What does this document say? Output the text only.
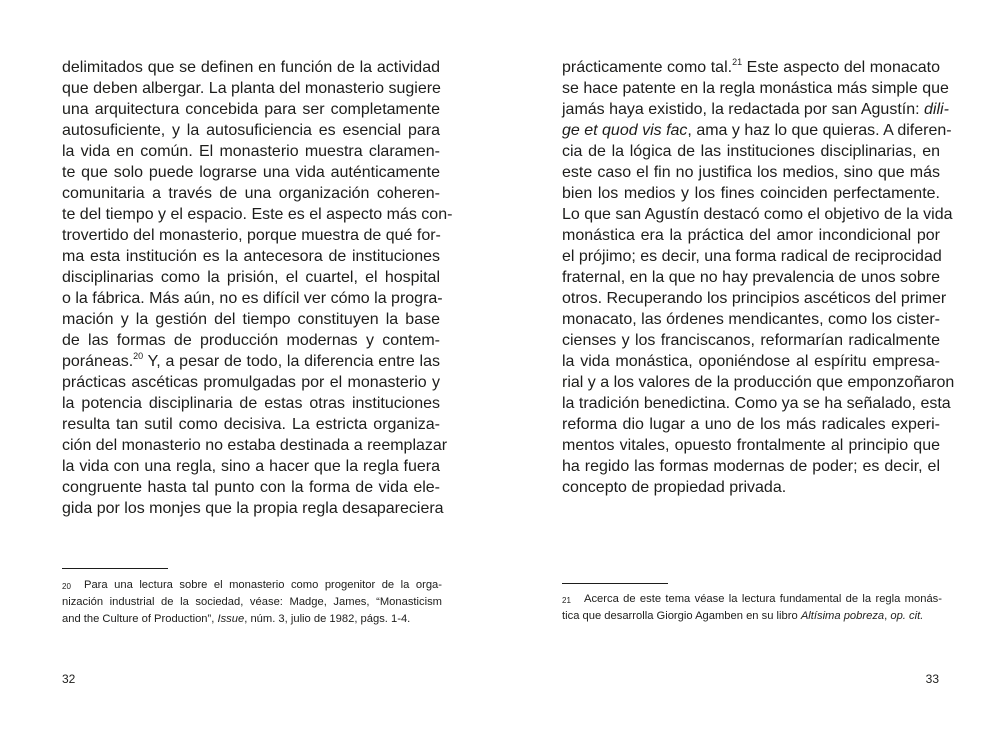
delimitados que se definen en función de la actividad
que deben albergar. La planta del monasterio sugiere
una arquitectura concebida para ser completamente
autosuficiente, y la autosuficiencia es esencial para
la vida en común. El monasterio muestra claramen-
te que solo puede lograrse una vida auténticamente
comunitaria a través de una organización coheren-
te del tiempo y el espacio. Este es el aspecto más con-
trovertido del monasterio, porque muestra de qué for-
ma esta institución es la antecesora de instituciones
disciplinarias como la prisión, el cuartel, el hospital
o la fábrica. Más aún, no es difícil ver cómo la progra-
mación y la gestión del tiempo constituyen la base
de las formas de producción modernas y contem-
poráneas.$^{20}$ Y, a pesar de todo, la diferencia entre las
prácticas ascéticas promulgadas por el monasterio y
la potencia disciplinaria de estas otras instituciones
resulta tan sutil como decisiva. La estricta organiza-
ción del monasterio no estaba destinada a reemplazar
la vida con una regla, sino a hacer que la regla fuera
congruente hasta tal punto con la forma de vida ele-
gida por los monjes que la propia regla desapareciera
20 Para una lectura sobre el monasterio como progenitor de la orga-
nización industrial de la sociedad, véase: Madge, James, “Monasticism
and the Culture of Production”, Issue, núm. 3, julio de 1982, págs. 1-4.
32
prácticamente como tal.$^{21}$ Este aspecto del monacato
se hace patente en la regla monástica más simple que
jamás haya existido, la redactada por san Agustín: dili-
ge et quod vis fac, ama y haz lo que quieras. A diferen-
cia de la lógica de las instituciones disciplinarias, en
este caso el fin no justifica los medios, sino que más
bien los medios y los fines coinciden perfectamente.
Lo que san Agustín destacó como el objetivo de la vida
monástica era la práctica del amor incondicional por
el prójimo; es decir, una forma radical de reciprocidad
fraternal, en la que no hay prevalencia de unos sobre
otros. Recuperando los principios ascéticos del primer
monacato, las órdenes mendicantes, como los cister-
cienses y los franciscanos, reformarían radicalmente
la vida monástica, oponiéndose al espíritu empresa-
rial y a los valores de la producción que emponzoñaron
la tradición benedictina. Como ya se ha señalado, esta
reforma dio lugar a uno de los más radicales experi-
mentos vitales, opuesto frontalmente al principio que
ha regido las formas modernas de poder; es decir, el
concepto de propiedad privada.
21 Acerca de este tema véase la lectura fundamental de la regla monás-
tica que desarrolla Giorgio Agamben en su libro Altísima pobreza, op. cit.
33
